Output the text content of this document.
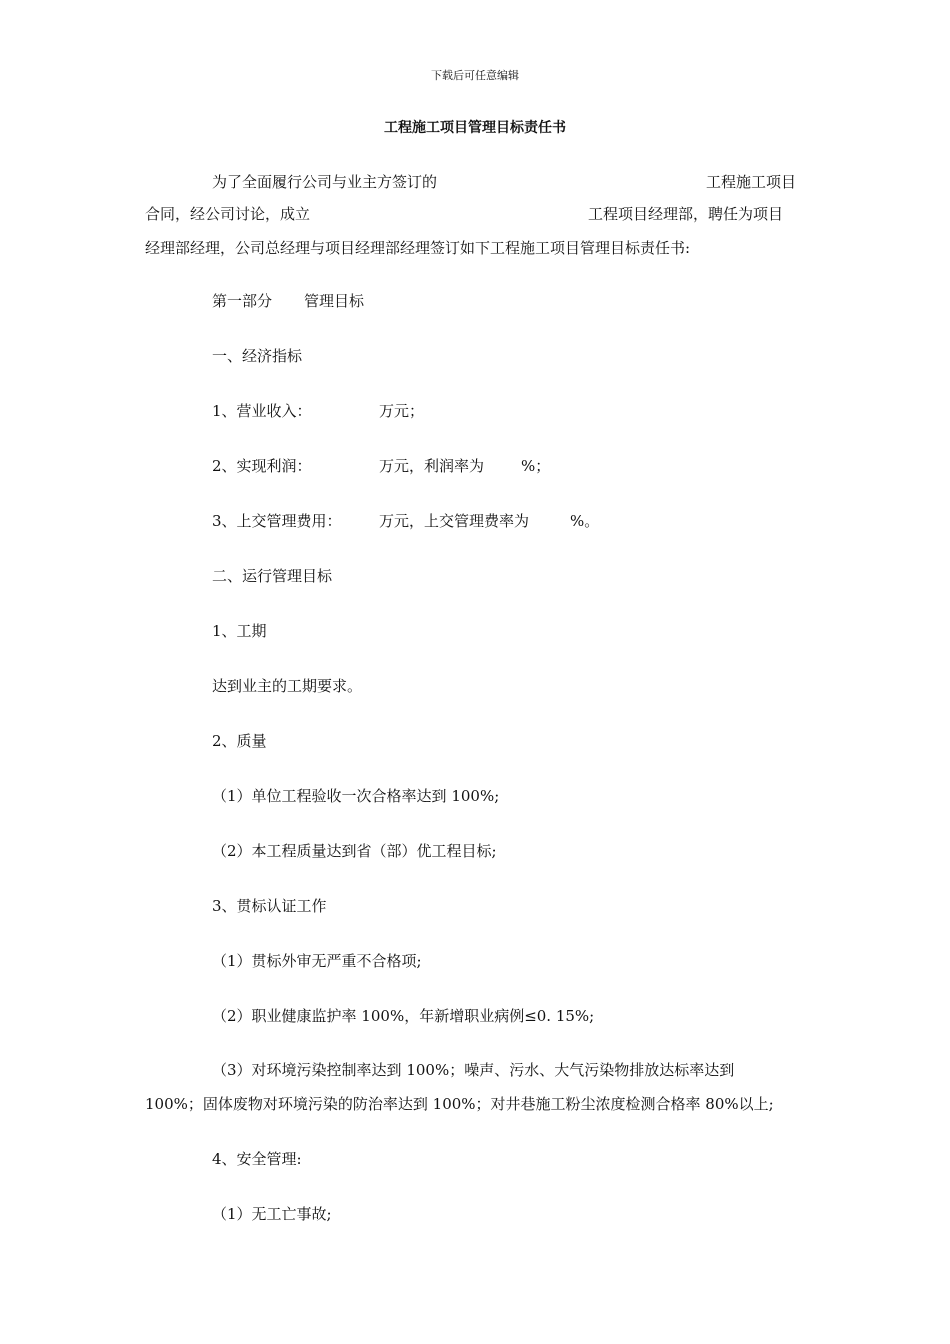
下载后可任意编辑
工程施工项目管理目标责任书
为了全面履行公司与业主方签订的	工程施工项目
合同，经公司讨论，成立	工程项目经理部，聘任为项目
经理部经理，公司总经理与项目经理部经理签订如下工程施工项目管理目标责任书:
第一部分 管理目标
一、经济指标
1、营业收入：	万元；
2、实现利润：	万元，利润率为 %；
3、上交管理费用： 万元，上交管理费率为	%。
二、运行管理目标
1、工期
达到业主的工期要求。
2、质量
（1）单位工程验收一次合格率达到 100%;
（2）本工程质量达到省（部）优工程目标;
3、贯标认证工作
（1）贯标外审无严重不合格项;
（2）职业健康监护率 100%，年新增职业病例≤0. 15%;
（3）对环境污染控制率达到 100%；噪声、污水、大气污染物排放达标率达到
100%；固体废物对环境污染的防治率达到 100%；对井巷施工粉尘浓度检测合格率 80%以上;
4、安全管理:
（1）无工亡事故;
